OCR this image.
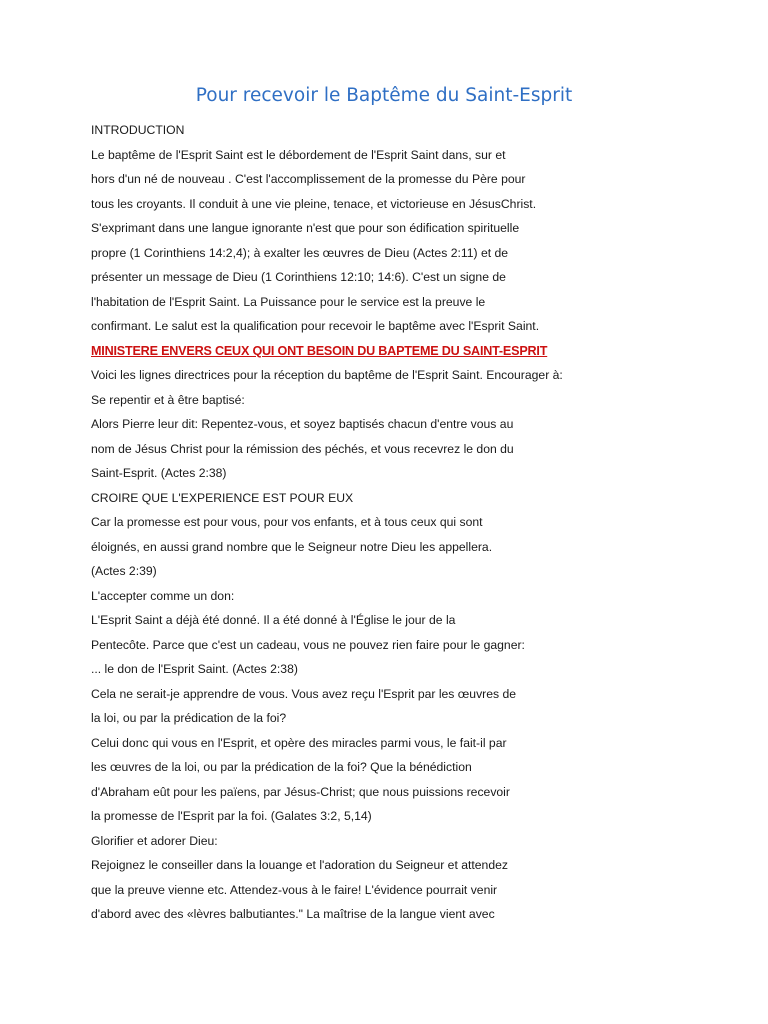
Pour recevoir le Baptême du Saint-Esprit
INTRODUCTION
Le baptême de l'Esprit Saint est le débordement de l'Esprit Saint dans, sur et
hors d'un né de nouveau . C'est l'accomplissement de la promesse du Père pour
tous les croyants. Il conduit à une vie pleine, tenace, et victorieuse en JésusChrist.
S'exprimant dans une langue ignorante n'est que pour son édification spirituelle
propre (1 Corinthiens 14:2,4); à exalter les œuvres de Dieu (Actes 2:11) et de
présenter un message de Dieu (1 Corinthiens 12:10; 14:6). C'est un signe de
l'habitation de l'Esprit Saint. La Puissance pour le service est la preuve le
confirmant. Le salut est la qualification pour recevoir le baptême avec l'Esprit Saint.
MINISTERE ENVERS CEUX QUI ONT BESOIN DU BAPTEME DU SAINT-ESPRIT
Voici les lignes directrices pour la réception du baptême de l'Esprit Saint. Encourager à:
Se repentir et à être baptisé:
Alors Pierre leur dit: Repentez-vous, et soyez baptisés chacun d'entre vous au
nom de Jésus Christ pour la rémission des péchés, et vous recevrez le don du
Saint-Esprit. (Actes 2:38)
CROIRE QUE L'EXPERIENCE EST POUR EUX
Car la promesse est pour vous, pour vos enfants, et à tous ceux qui sont
éloignés, en aussi grand nombre que le Seigneur notre Dieu les appellera.
(Actes 2:39)
L'accepter comme un don:
L'Esprit Saint a déjà été donné. Il a été donné à l'Église le jour de la
Pentecôte. Parce que c'est un cadeau, vous ne pouvez rien faire pour le gagner:
... le don de l'Esprit Saint. (Actes 2:38)
Cela ne serait-je apprendre de vous. Vous avez reçu l'Esprit par les œuvres de
la loi, ou par la prédication de la foi?
Celui donc qui vous en l'Esprit, et opère des miracles parmi vous, le fait-il par
les œuvres de la loi, ou par la prédication de la foi? Que la bénédiction
d'Abraham eût pour les païens, par Jésus-Christ; que nous puissions recevoir
la promesse de l'Esprit par la foi. (Galates 3:2, 5,14)
Glorifier et adorer Dieu:
Rejoignez le conseiller dans la louange et l'adoration du Seigneur et attendez
que la preuve vienne etc. Attendez-vous à le faire! L'évidence pourrait venir
d'abord avec des «lèvres balbutiantes." La maîtrise de la langue vient avec
